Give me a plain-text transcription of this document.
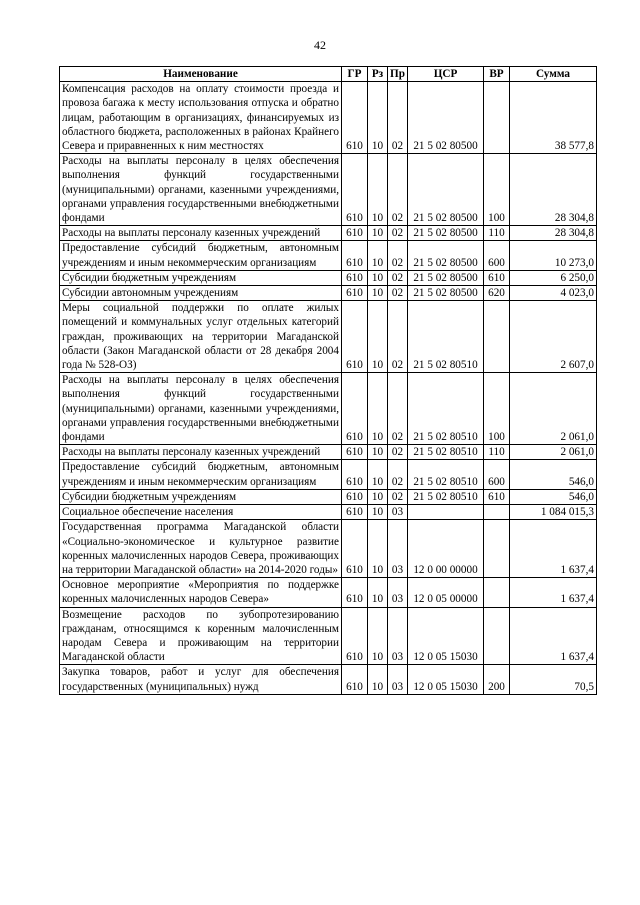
42
Наименование	ГР	Рз	Пр	ЦСР	ВР	Сумма
Компенсация расходов на оплату стоимости проезда и провоза багажа к месту использования отпуска и обратно лицам, работающим в организациях, финансируемых из областного бюджета, расположенных в районах Крайнего Севера и приравненных к ним местностях	610	10	02	21 5 02 80500		38 577,8
Расходы на выплаты персоналу в целях обеспечения выполнения функций государственными (муниципальными) органами, казенными учреждениями, органами управления государственными внебюджетными фондами	610	10	02	21 5 02 80500	100	28 304,8
Расходы на выплаты персоналу казенных учреждений	610	10	02	21 5 02 80500	110	28 304,8
Предоставление субсидий бюджетным, автономным учреждениям и иным некоммерческим организациям	610	10	02	21 5 02 80500	600	10 273,0
Субсидии бюджетным учреждениям	610	10	02	21 5 02 80500	610	6 250,0
Субсидии автономным учреждениям	610	10	02	21 5 02 80500	620	4 023,0
Меры социальной поддержки по оплате жилых помещений и коммунальных услуг отдельных категорий граждан, проживающих на территории Магаданской области (Закон Магаданской области от 28 декабря 2004 года № 528-ОЗ)	610	10	02	21 5 02 80510		2 607,0
Расходы на выплаты персоналу в целях обеспечения выполнения функций государственными (муниципальными) органами, казенными учреждениями, органами управления государственными внебюджетными фондами	610	10	02	21 5 02 80510	100	2 061,0
Расходы на выплаты персоналу казенных учреждений	610	10	02	21 5 02 80510	110	2 061,0
Предоставление субсидий бюджетным, автономным учреждениям и иным некоммерческим организациям	610	10	02	21 5 02 80510	600	546,0
Субсидии бюджетным учреждениям	610	10	02	21 5 02 80510	610	546,0
Социальное обеспечение населения	610	10	03			1 084 015,3
Государственная программа Магаданской области «Социально-экономическое и культурное развитие коренных малочисленных народов Севера, проживающих на территории Магаданской области» на 2014-2020 годы»	610	10	03	12 0 00 00000		1 637,4
Основное мероприятие «Мероприятия по поддержке коренных малочисленных народов Севера»	610	10	03	12 0 05 00000		1 637,4
Возмещение расходов по зубопротезированию гражданам, относящимся к коренным малочисленным народам Севера и проживающим на территории Магаданской области	610	10	03	12 0 05 15030		1 637,4
Закупка товаров, работ и услуг для обеспечения государственных (муниципальных) нужд	610	10	03	12 0 05 15030	200	70,5
